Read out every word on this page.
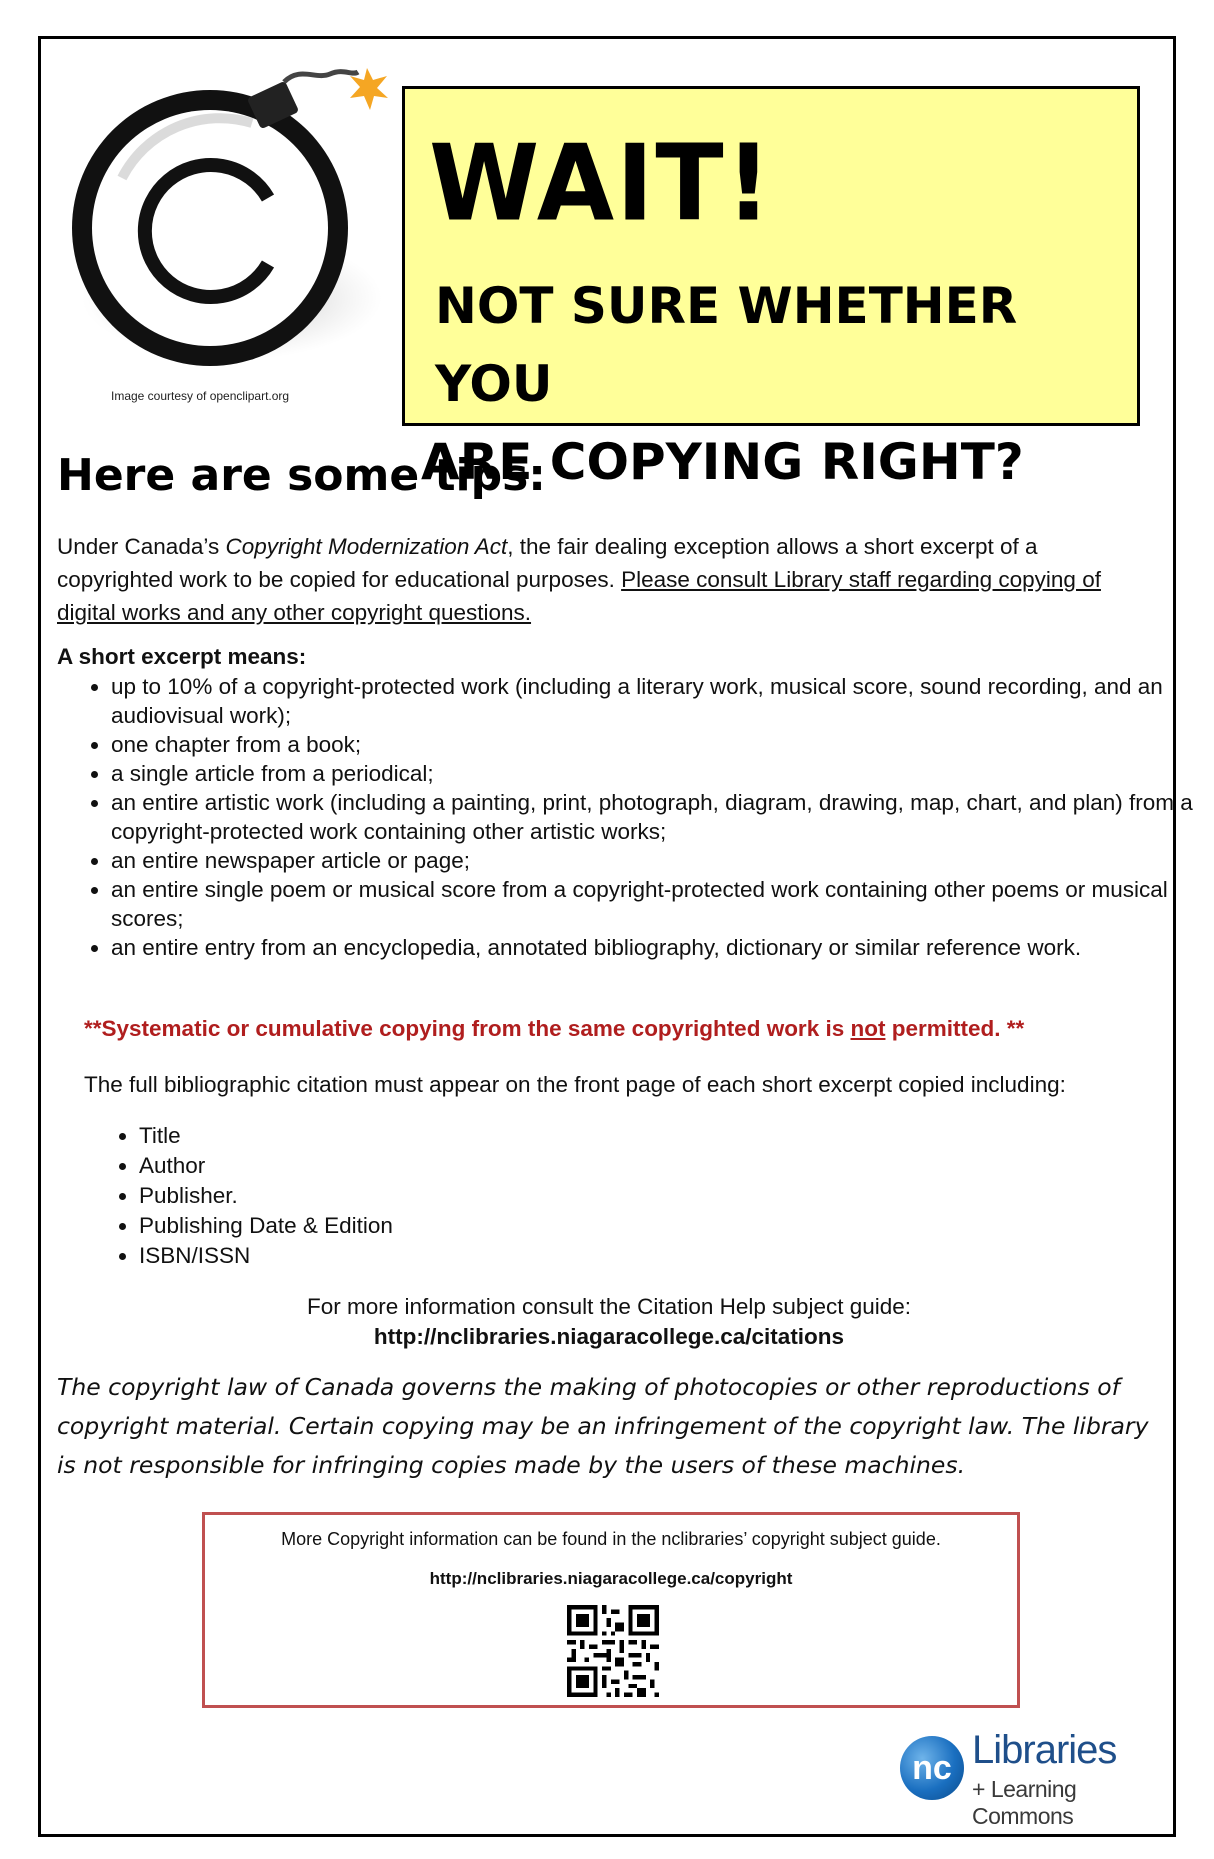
Image courtesy of openclipart.org
WAIT!
NOT SURE WHETHER YOU
ARE COPYING RIGHT?
Here are some tips:
Under Canada’s Copyright Modernization Act, the fair dealing exception allows a short excerpt of a copyrighted work to be copied for educational purposes. Please consult Library staff regarding copying of digital works and any other copyright questions.
A short excerpt means:
• up to 10% of a copyright-protected work (including a literary work, musical score, sound recording, and an audiovisual work);
• one chapter from a book;
• a single article from a periodical;
• an entire artistic work (including a painting, print, photograph, diagram, drawing, map, chart, and plan) from a copyright-protected work containing other artistic works;
• an entire newspaper article or page;
• an entire single poem or musical score from a copyright-protected work containing other poems or musical scores;
• an entire entry from an encyclopedia, annotated bibliography, dictionary or similar reference work.
**Systematic or cumulative copying from the same copyrighted work is not permitted. **
The full bibliographic citation must appear on the front page of each short excerpt copied including:
• Title
• Author
• Publisher.
• Publishing Date & Edition
• ISBN/ISSN
For more information consult the Citation Help subject guide:
http://nclibraries.niagaracollege.ca/citations
The copyright law of Canada governs the making of photocopies or other reproductions of copyright material. Certain copying may be an infringement of the copyright law. The library is not responsible for infringing copies made by the users of these machines.
More Copyright information can be found in the nclibraries’ copyright subject guide.
http://nclibraries.niagaracollege.ca/copyright
nc Libraries
+ Learning Commons
